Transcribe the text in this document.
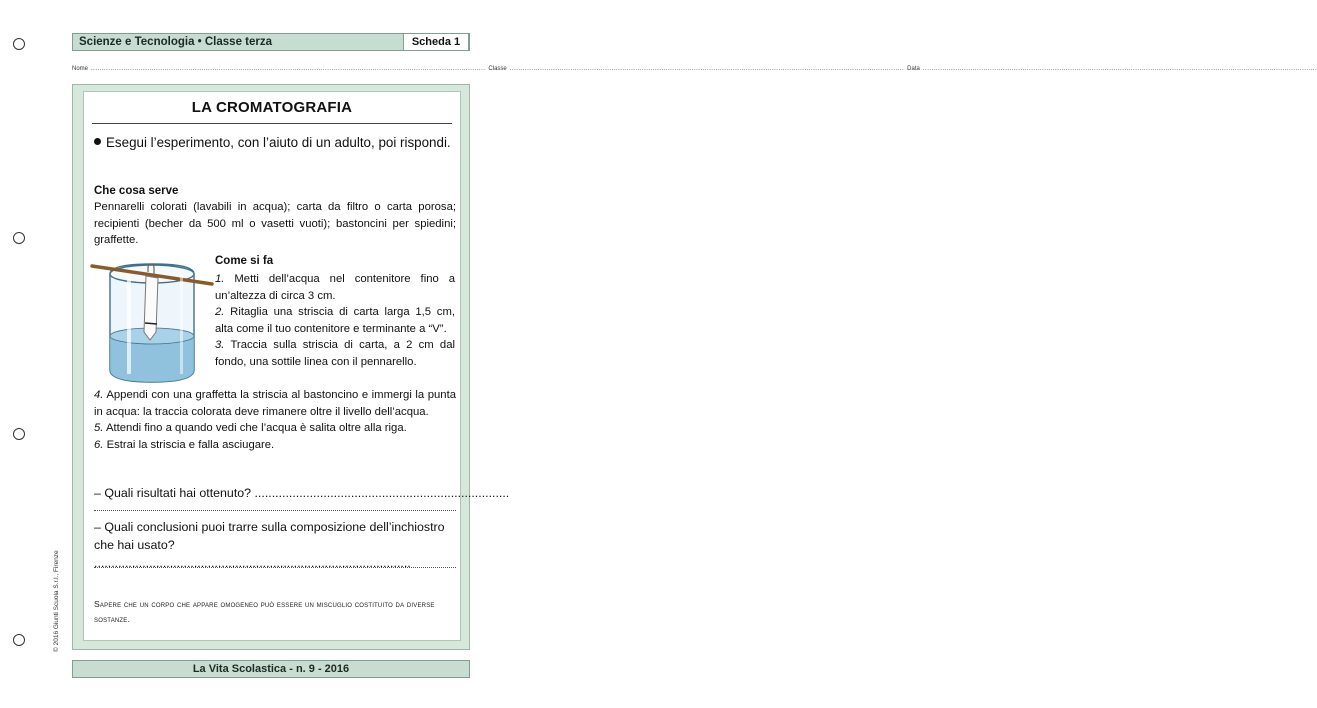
Scienze e Tecnologia • Classe terza	Scheda 1
Nome ...................................................................................................................................................................................... Classe ...................................................................................................................................................................................... Data ......................................................................................................................................................................................
LA CROMATOGRAFIA
Esegui l’esperimento, con l’aiuto di un adulto, poi rispondi.
Che cosa serve
Pennarelli colorati (lavabili in acqua); carta da filtro o carta porosa; recipienti (becher da 500 ml o vasetti vuoti); bastoncini per spiedini; graffette.
Come si fa
1. Metti dell’acqua nel contenitore fino a un’altezza di circa 3 cm.
2. Ritaglia una striscia di carta larga 1,5 cm, alta come il tuo contenitore e terminante a “V”.
3. Traccia sulla striscia di carta, a 2 cm dal fondo, una sottile linea con il pennarello.
4. Appendi con una graffetta la striscia al bastoncino e immergi la punta in acqua: la traccia colorata deve rimanere oltre il livello dell’acqua.
5. Attendi fino a quando vedi che l’acqua è salita oltre alla riga.
6. Estrai la striscia e falla asciugare.
– Quali risultati hai ottenuto? ..........................................................................
– Quali conclusioni puoi trarre sulla composizione dell’inchiostro che hai usato?
............................................................................................
Sapere che un corpo che appare omogeneo può essere un miscuglio costituito da diverse sostanze.
© 2016 Giunti Scuola S.r.l., Firenze
La Vita Scolastica - n. 9 - 2016
